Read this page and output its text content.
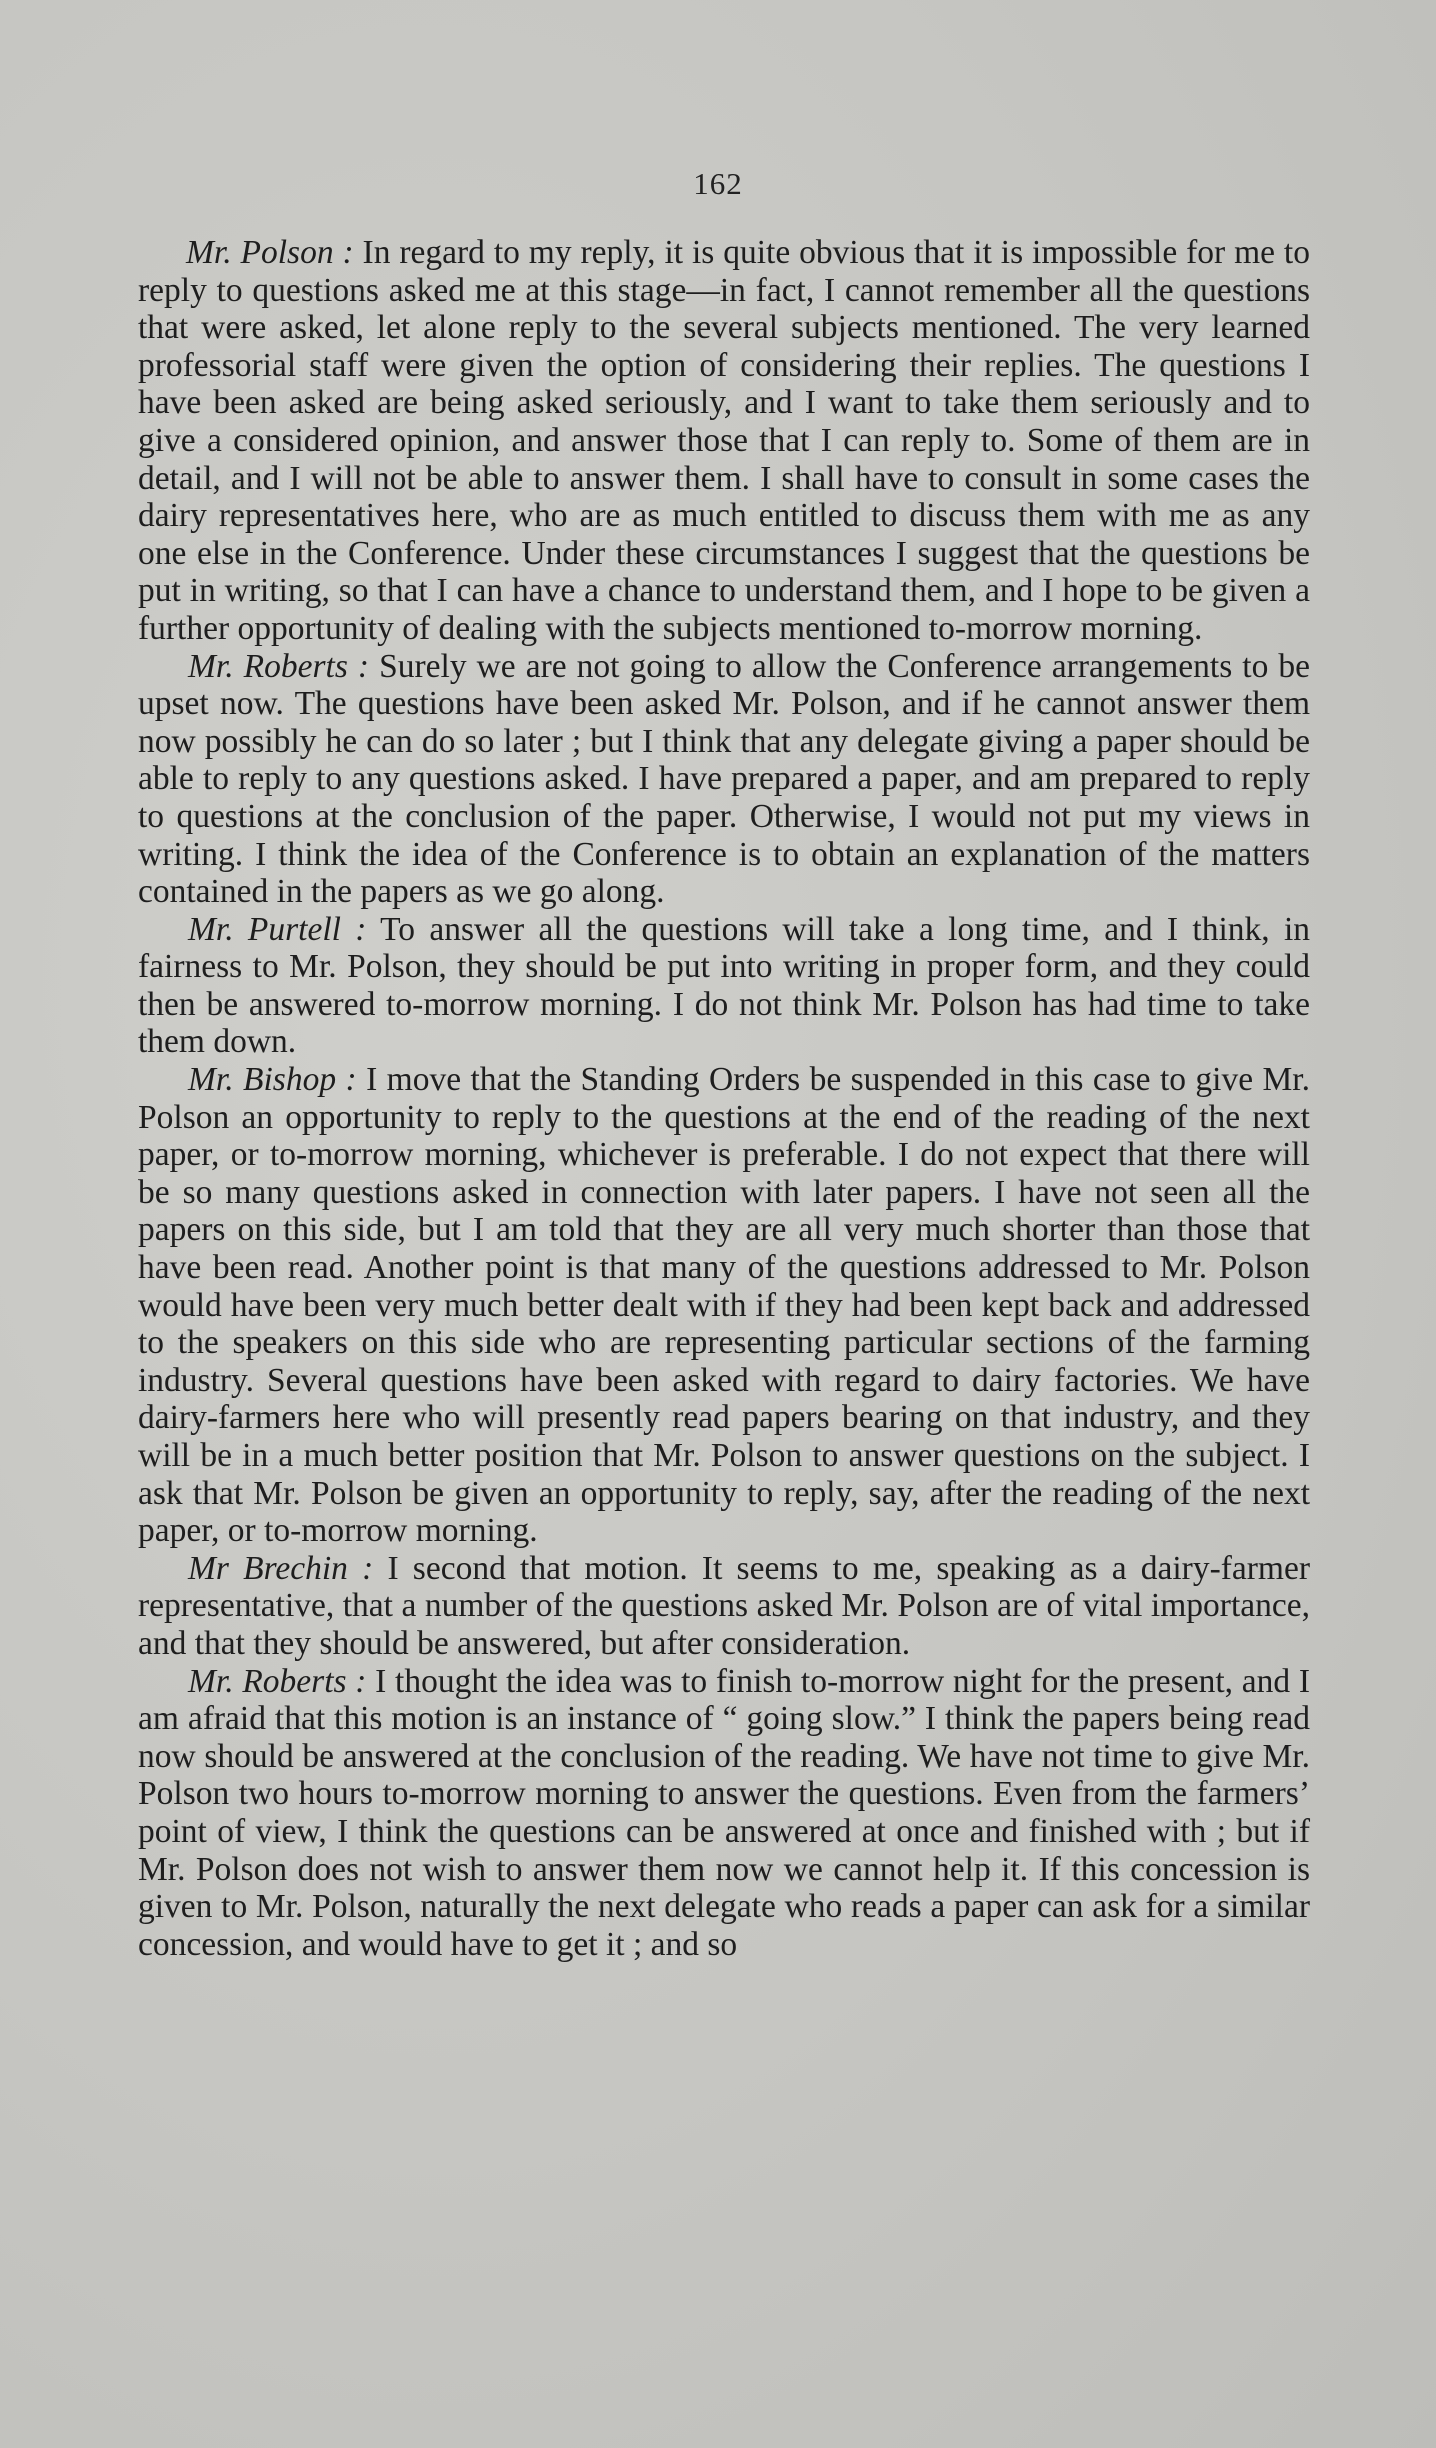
162

Mr. Polson : In regard to my reply, it is quite obvious that it is impossible for me to reply to questions asked me at this stage—in fact, I cannot remember all the questions that were asked, let alone reply to the several subjects mentioned. The very learned professorial staff were given the option of considering their replies. The questions I have been asked are being asked seriously, and I want to take them seriously and to give a considered opinion, and answer those that I can reply to. Some of them are in detail, and I will not be able to answer them. I shall have to consult in some cases the dairy representatives here, who are as much entitled to discuss them with me as any one else in the Conference. Under these circumstances I suggest that the questions be put in writing, so that I can have a chance to understand them, and I hope to be given a further opportunity of dealing with the subjects mentioned to-morrow morning.

Mr. Roberts : Surely we are not going to allow the Conference arrangements to be upset now. The questions have been asked Mr. Polson, and if he cannot answer them now possibly he can do so later ; but I think that any delegate giving a paper should be able to reply to any questions asked. I have prepared a paper, and am prepared to reply to questions at the conclusion of the paper. Otherwise, I would not put my views in writing. I think the idea of the Conference is to obtain an explanation of the matters contained in the papers as we go along.

Mr. Purtell : To answer all the questions will take a long time, and I think, in fairness to Mr. Polson, they should be put into writing in proper form, and they could then be answered to-morrow morning. I do not think Mr. Polson has had time to take them down.

Mr. Bishop : I move that the Standing Orders be suspended in this case to give Mr. Polson an opportunity to reply to the questions at the end of the reading of the next paper, or to-morrow morning, whichever is preferable. I do not expect that there will be so many questions asked in connection with later papers. I have not seen all the papers on this side, but I am told that they are all very much shorter than those that have been read. Another point is that many of the questions addressed to Mr. Polson would have been very much better dealt with if they had been kept back and addressed to the speakers on this side who are representing particular sections of the farming industry. Several questions have been asked with regard to dairy factories. We have dairy-farmers here who will presently read papers bearing on that industry, and they will be in a much better position that Mr. Polson to answer questions on the subject. I ask that Mr. Polson be given an opportunity to reply, say, after the reading of the next paper, or to-morrow morning.

Mr Brechin : I second that motion. It seems to me, speaking as a dairy-farmer representative, that a number of the questions asked Mr. Polson are of vital importance, and that they should be answered, but after consideration.

Mr. Roberts : I thought the idea was to finish to-morrow night for the present, and I am afraid that this motion is an instance of “ going slow.” I think the papers being read now should be answered at the conclusion of the reading. We have not time to give Mr. Polson two hours to-morrow morning to answer the questions. Even from the farmers’ point of view, I think the questions can be answered at once and finished with ; but if Mr. Polson does not wish to answer them now we cannot help it. If this concession is given to Mr. Polson, naturally the next delegate who reads a paper can ask for a similar concession, and would have to get it ; and so
